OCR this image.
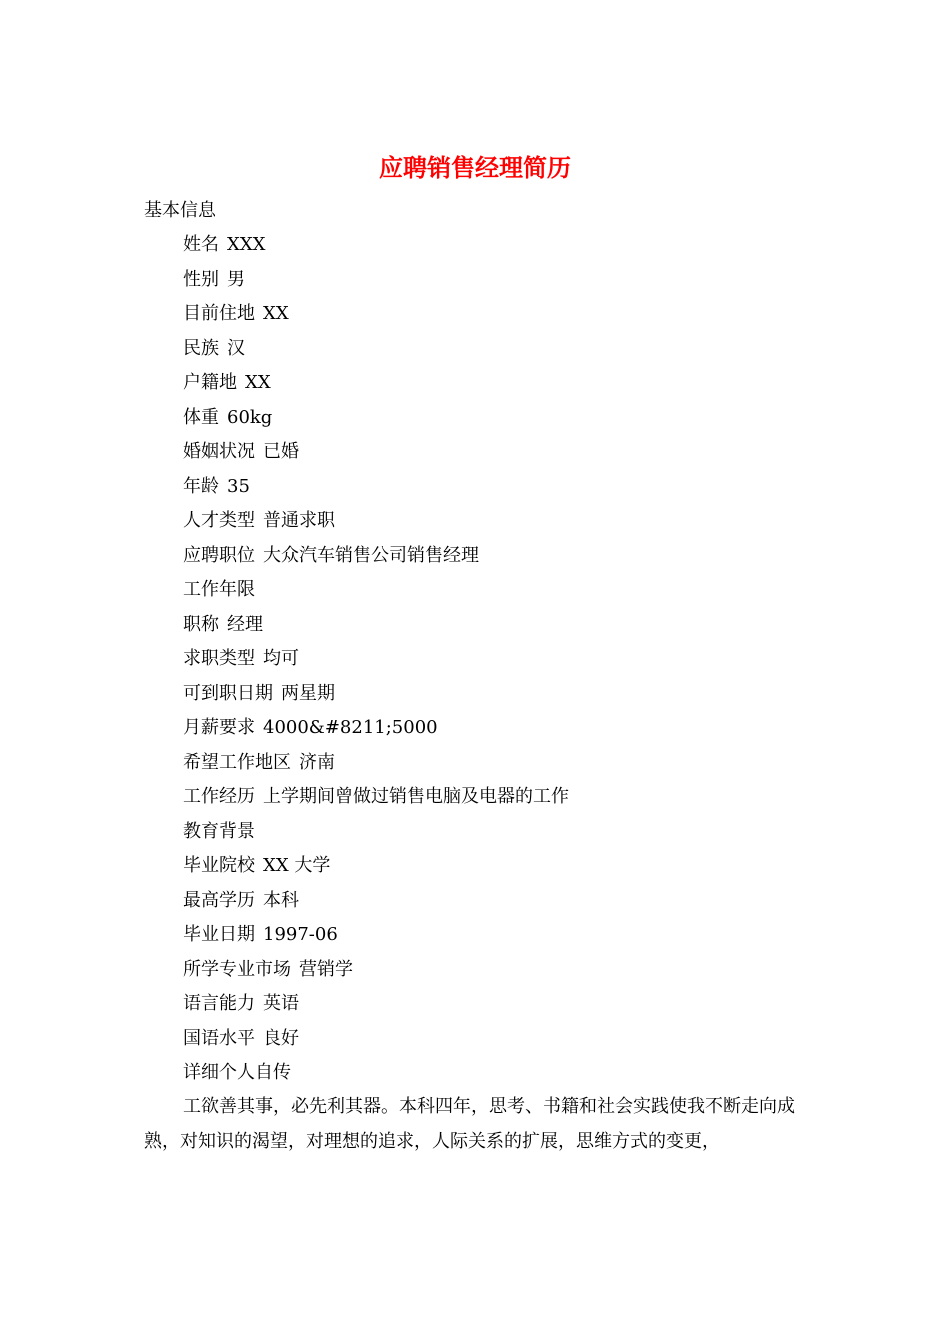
应聘销售经理简历
基本信息
姓名 XXX
性别 男
目前住地 XX
民族 汉
户籍地 XX
体重 60kg
婚姻状况 已婚
年龄 35
人才类型 普通求职
应聘职位 大众汽车销售公司销售经理
工作年限
职称 经理
求职类型 均可
可到职日期 两星期
月薪要求 4000&#8211;5000
希望工作地区 济南
工作经历 上学期间曾做过销售电脑及电器的工作
教育背景
毕业院校 XX 大学
最高学历 本科
毕业日期 1997-06
所学专业市场 营销学
语言能力 英语
国语水平 良好
详细个人自传

工欲善其事，必先利其器。本科四年，思考、书籍和社会实践使我不断走向成熟，对知识的渴望，对理想的追求，人际关系的扩展，思维方式的变更，
